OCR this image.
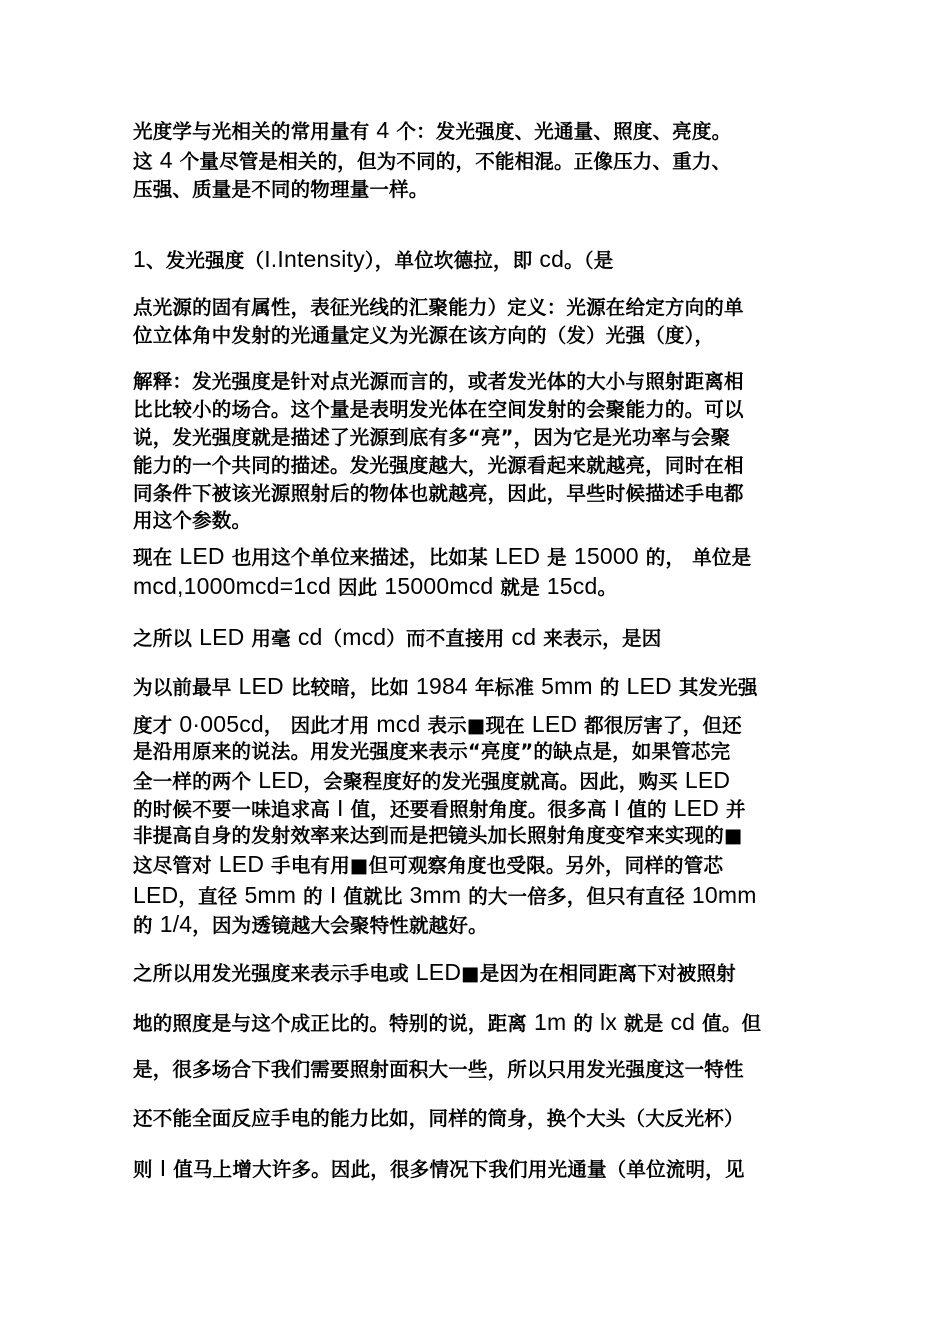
光度学与光相关的常用量有 4 个：发光强度、光通量、照度、亮度。
这 4 个量尽管是相关的，但为不同的，不能相混。正像压力、重力、
压强、质量是不同的物理量一样。
1、发光强度（I.Intensity），单位坎德拉，即 cd。（是
点光源的固有属性，表征光线的汇聚能力）定义：光源在给定方向的单
位立体角中发射的光通量定义为光源在该方向的（发）光强（度），
解释：发光强度是针对点光源而言的，或者发光体的大小与照射距离相
比比较小的场合。这个量是表明发光体在空间发射的会聚能力的。可以
说，发光强度就是描述了光源到底有多“亮”，因为它是光功率与会聚
能力的一个共同的描述。发光强度越大，光源看起来就越亮，同时在相
同条件下被该光源照射后的物体也就越亮，因此，早些时候描述手电都
用这个参数。
现在 LED 也用这个单位来描述，比如某 LED 是 15000 的， 单位是
mcd,1000mcd=1cd 因此 15000mcd 就是 15cd。
之所以 LED 用毫 cd（mcd）而不直接用 cd 来表示，是因
为以前最早 LED 比较暗，比如 1984 年标准 5mm 的 LED 其发光强
度才 0·005cd， 因此才用 mcd 表示■现在 LED 都很厉害了，但还
是沿用原来的说法。用发光强度来表示“亮度”的缺点是，如果管芯完
全一样的两个 LED，会聚程度好的发光强度就高。因此，购买 LED
的时候不要一味追求高 I 值，还要看照射角度。很多高 I 值的 LED 并
非提高自身的发射效率来达到而是把镜头加长照射角度变窄来实现的■
这尽管对 LED 手电有用■但可观察角度也受限。另外，同样的管芯
LED，直径 5mm 的 I 值就比 3mm 的大一倍多，但只有直径 10mm
的 1/4，因为透镜越大会聚特性就越好。
之所以用发光强度来表示手电或 LED■是因为在相同距离下对被照射
地的照度是与这个成正比的。特别的说，距离 1m 的 lx 就是 cd 值。但
是，很多场合下我们需要照射面积大一些，所以只用发光强度这一特性
还不能全面反应手电的能力比如，同样的筒身，换个大头（大反光杯）
则 I 值马上增大许多。因此，很多情况下我们用光通量（单位流明，见
